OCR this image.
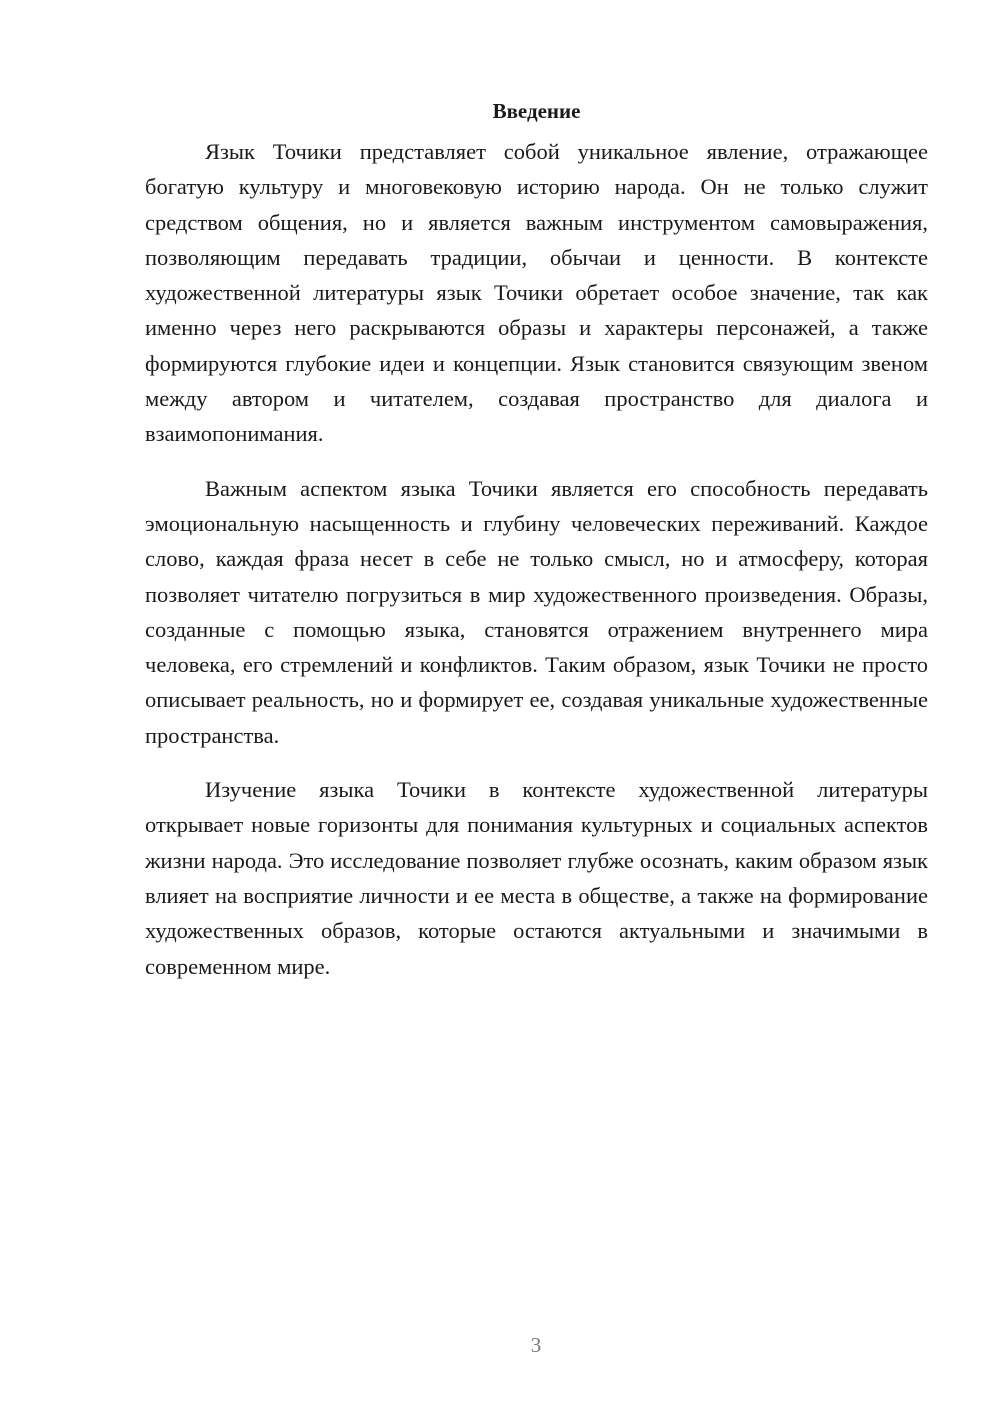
Введение

Язык Точики представляет собой уникальное явление, отражающее богатую культуру и многовековую историю народа. Он не только служит средством общения, но и является важным инструментом самовыражения, позволяющим передавать традиции, обычаи и ценности. В контексте художественной литературы язык Точики обретает особое значение, так как именно через него раскрываются образы и характеры персонажей, а также формируются глубокие идеи и концепции. Язык становится связующим звеном между автором и читателем, создавая пространство для диалога и взаимопонимания.

Важным аспектом языка Точики является его способность передавать эмоциональную насыщенность и глубину человеческих переживаний. Каждое слово, каждая фраза несет в себе не только смысл, но и атмосферу, которая позволяет читателю погрузиться в мир художественного произведения. Образы, созданные с помощью языка, становятся отражением внутреннего мира человека, его стремлений и конфликтов. Таким образом, язык Точики не просто описывает реальность, но и формирует ее, создавая уникальные художественные пространства.

Изучение языка Точики в контексте художественной литературы открывает новые горизонты для понимания культурных и социальных аспектов жизни народа. Это исследование позволяет глубже осознать, каким образом язык влияет на восприятие личности и ее места в обществе, а также на формирование художественных образов, которые остаются актуальными и значимыми в современном мире.

3
